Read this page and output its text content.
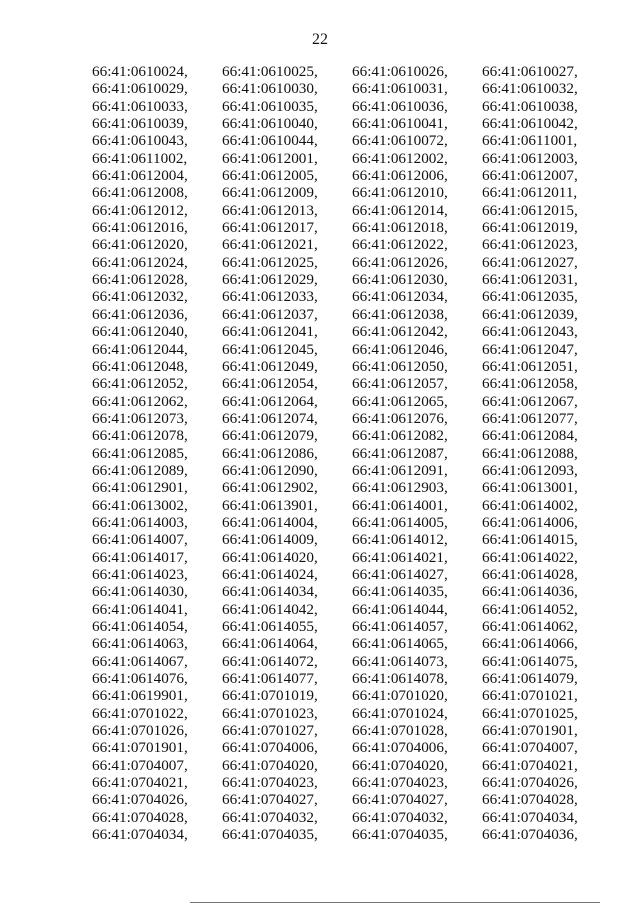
22
66:41:0610024,	66:41:0610025,	66:41:0610026,	66:41:0610027,
66:41:0610029,	66:41:0610030,	66:41:0610031,	66:41:0610032,
66:41:0610033,	66:41:0610035,	66:41:0610036,	66:41:0610038,
66:41:0610039,	66:41:0610040,	66:41:0610041,	66:41:0610042,
66:41:0610043,	66:41:0610044,	66:41:0610072,	66:41:0611001,
66:41:0611002,	66:41:0612001,	66:41:0612002,	66:41:0612003,
66:41:0612004,	66:41:0612005,	66:41:0612006,	66:41:0612007,
66:41:0612008,	66:41:0612009,	66:41:0612010,	66:41:0612011,
66:41:0612012,	66:41:0612013,	66:41:0612014,	66:41:0612015,
66:41:0612016,	66:41:0612017,	66:41:0612018,	66:41:0612019,
66:41:0612020,	66:41:0612021,	66:41:0612022,	66:41:0612023,
66:41:0612024,	66:41:0612025,	66:41:0612026,	66:41:0612027,
66:41:0612028,	66:41:0612029,	66:41:0612030,	66:41:0612031,
66:41:0612032,	66:41:0612033,	66:41:0612034,	66:41:0612035,
66:41:0612036,	66:41:0612037,	66:41:0612038,	66:41:0612039,
66:41:0612040,	66:41:0612041,	66:41:0612042,	66:41:0612043,
66:41:0612044,	66:41:0612045,	66:41:0612046,	66:41:0612047,
66:41:0612048,	66:41:0612049,	66:41:0612050,	66:41:0612051,
66:41:0612052,	66:41:0612054,	66:41:0612057,	66:41:0612058,
66:41:0612062,	66:41:0612064,	66:41:0612065,	66:41:0612067,
66:41:0612073,	66:41:0612074,	66:41:0612076,	66:41:0612077,
66:41:0612078,	66:41:0612079,	66:41:0612082,	66:41:0612084,
66:41:0612085,	66:41:0612086,	66:41:0612087,	66:41:0612088,
66:41:0612089,	66:41:0612090,	66:41:0612091,	66:41:0612093,
66:41:0612901,	66:41:0612902,	66:41:0612903,	66:41:0613001,
66:41:0613002,	66:41:0613901,	66:41:0614001,	66:41:0614002,
66:41:0614003,	66:41:0614004,	66:41:0614005,	66:41:0614006,
66:41:0614007,	66:41:0614009,	66:41:0614012,	66:41:0614015,
66:41:0614017,	66:41:0614020,	66:41:0614021,	66:41:0614022,
66:41:0614023,	66:41:0614024,	66:41:0614027,	66:41:0614028,
66:41:0614030,	66:41:0614034,	66:41:0614035,	66:41:0614036,
66:41:0614041,	66:41:0614042,	66:41:0614044,	66:41:0614052,
66:41:0614054,	66:41:0614055,	66:41:0614057,	66:41:0614062,
66:41:0614063,	66:41:0614064,	66:41:0614065,	66:41:0614066,
66:41:0614067,	66:41:0614072,	66:41:0614073,	66:41:0614075,
66:41:0614076,	66:41:0614077,	66:41:0614078,	66:41:0614079,
66:41:0619901,	66:41:0701019,	66:41:0701020,	66:41:0701021,
66:41:0701022,	66:41:0701023,	66:41:0701024,	66:41:0701025,
66:41:0701026,	66:41:0701027,	66:41:0701028,	66:41:0701901,
66:41:0701901,	66:41:0704006,	66:41:0704006,	66:41:0704007,
66:41:0704007,	66:41:0704020,	66:41:0704020,	66:41:0704021,
66:41:0704021,	66:41:0704023,	66:41:0704023,	66:41:0704026,
66:41:0704026,	66:41:0704027,	66:41:0704027,	66:41:0704028,
66:41:0704028,	66:41:0704032,	66:41:0704032,	66:41:0704034,
66:41:0704034,	66:41:0704035,	66:41:0704035,	66:41:0704036,
